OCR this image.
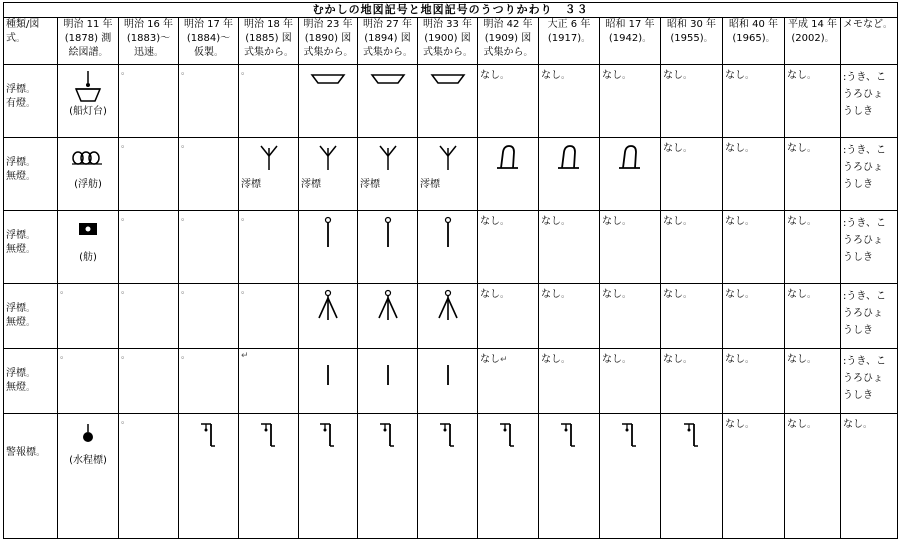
むかしの地図記号と地図記号のうつりかわり　３３															
種類/図
式。	明治 11 年
(1878) 測
絵図譜。	明治 16 年
(1883)～
迅速。	明治 17 年
(1884)～
仮製。	明治 18 年
(1885) 図
式集から。	明治 23 年
(1890) 図
式集から。	明治 27 年
(1894) 図
式集から。	明治 33 年
(1900) 図
式集から。	明治 42 年
(1909) 図
式集から。	大正 6 年
(1917)。	昭和 17 年
(1942)。	昭和 30 年
(1955)。	昭和 40 年
(1965)。	平成 14 年
(2002)。	メモなど。	

浮標。
有燈。	(船灯台)	。	。	。				なし。	なし。	なし。	なし。	なし。	なし。	:うき、こ
うろひょ
うしき	

浮標。
無燈。	(浮舫)	。	。	澪標	澪標	澪標	澪標				なし。	なし。	なし。	:うき、こ
うろひょ
うしき	

浮標。
無燈。	(舫)	。	。	。				なし。	なし。	なし。	なし。	なし。	なし。	:うき、こ
うろひょ
うしき	

浮標。
無燈。	。	。	。	。				なし。	なし。	なし。	なし。	なし。	なし。	:うき、こ
うろひょ
うしき	

浮標。
無燈。	。	。	。	↵				なし↵	なし。	なし。	なし。	なし。	なし。	:うき、こ
うろひょ
うしき	

警報標。	(水程標)	。										なし。	なし。	なし。	
